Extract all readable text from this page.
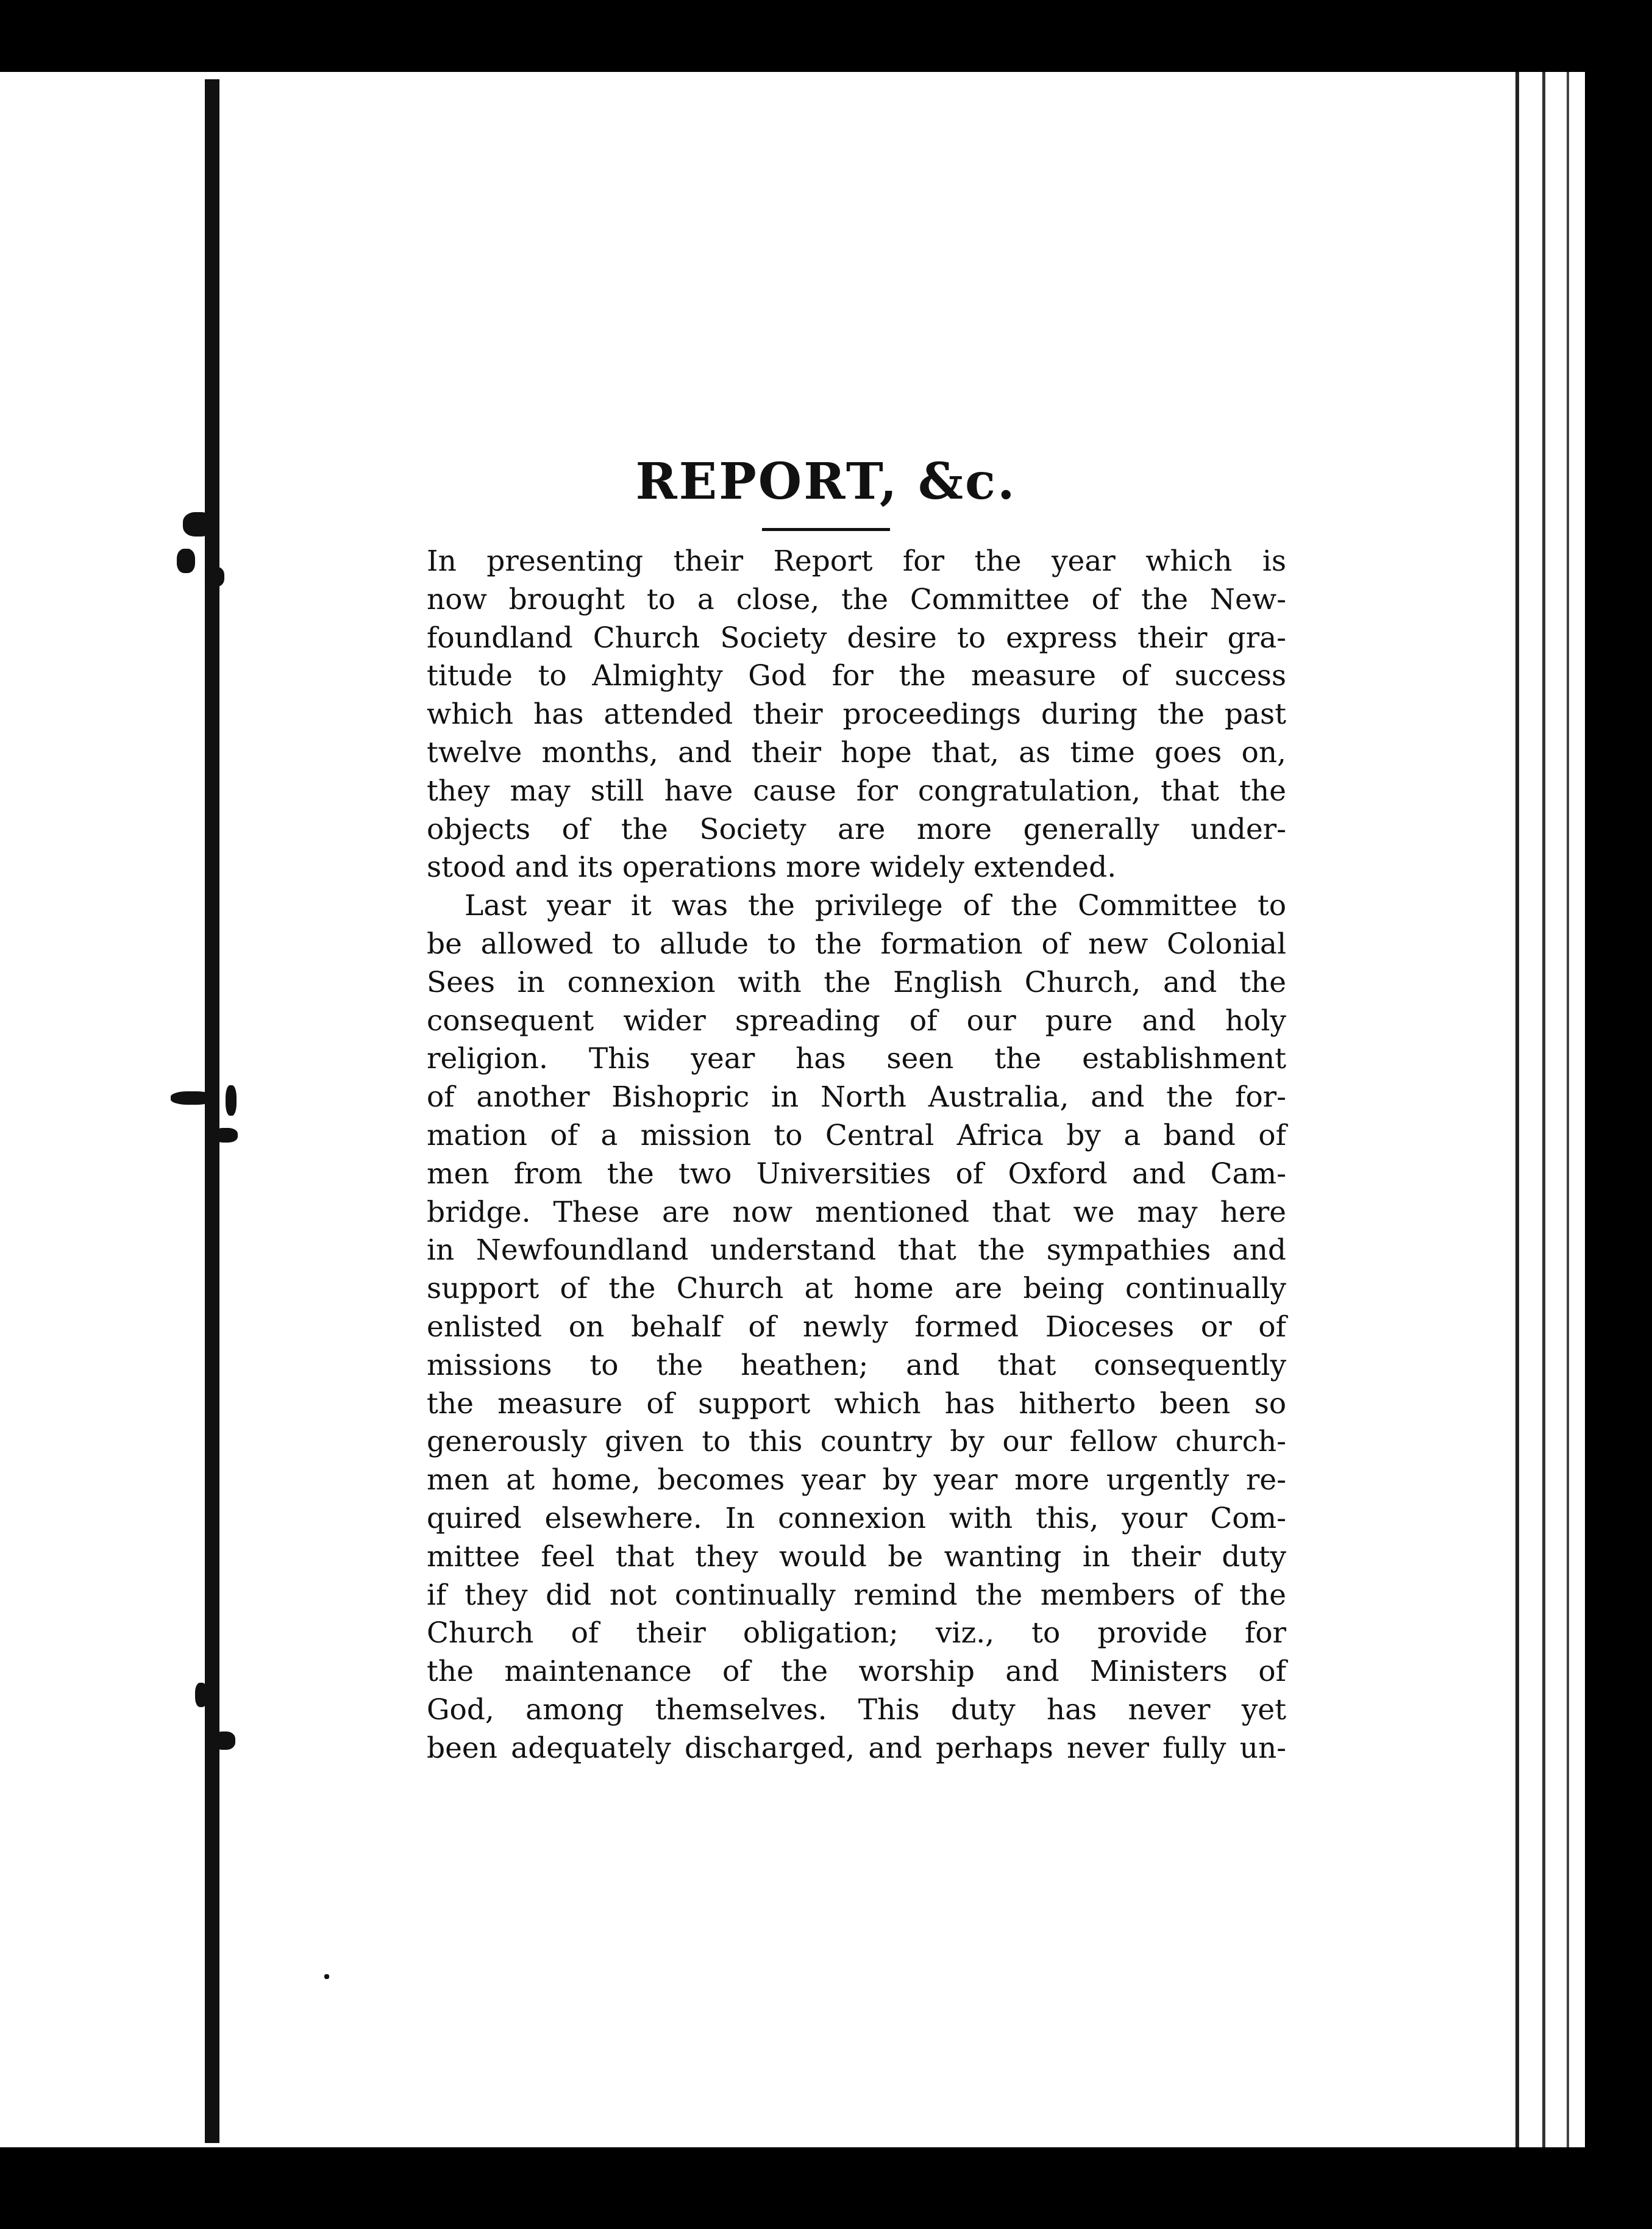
REPORT, &c.
In presenting their Report for the year which is
now brought to a close, the Committee of the New-
foundland Church Society desire to express their gra-
titude to Almighty God for the measure of success
which has attended their proceedings during the past
twelve months, and their hope that, as time goes on,
they may still have cause for congratulation, that the
objects of the Society are more generally under-
stood and its operations more widely extended.
Last year it was the privilege of the Committee to
be allowed to allude to the formation of new Colonial
Sees in connexion with the English Church, and the
consequent wider spreading of our pure and holy
religion. This year has seen the establishment
of another Bishopric in North Australia, and the for-
mation of a mission to Central Africa by a band of
men from the two Universities of Oxford and Cam-
bridge. These are now mentioned that we may here
in Newfoundland understand that the sympathies and
support of the Church at home are being continually
enlisted on behalf of newly formed Dioceses or of
missions to the heathen; and that consequently
the measure of support which has hitherto been so
generously given to this country by our fellow church-
men at home, becomes year by year more urgently re-
quired elsewhere. In connexion with this, your Com-
mittee feel that they would be wanting in their duty
if they did not continually remind the members of the
Church of their obligation; viz., to provide for
the maintenance of the worship and Ministers of
God, among themselves. This duty has never yet
been adequately discharged, and perhaps never fully un-
